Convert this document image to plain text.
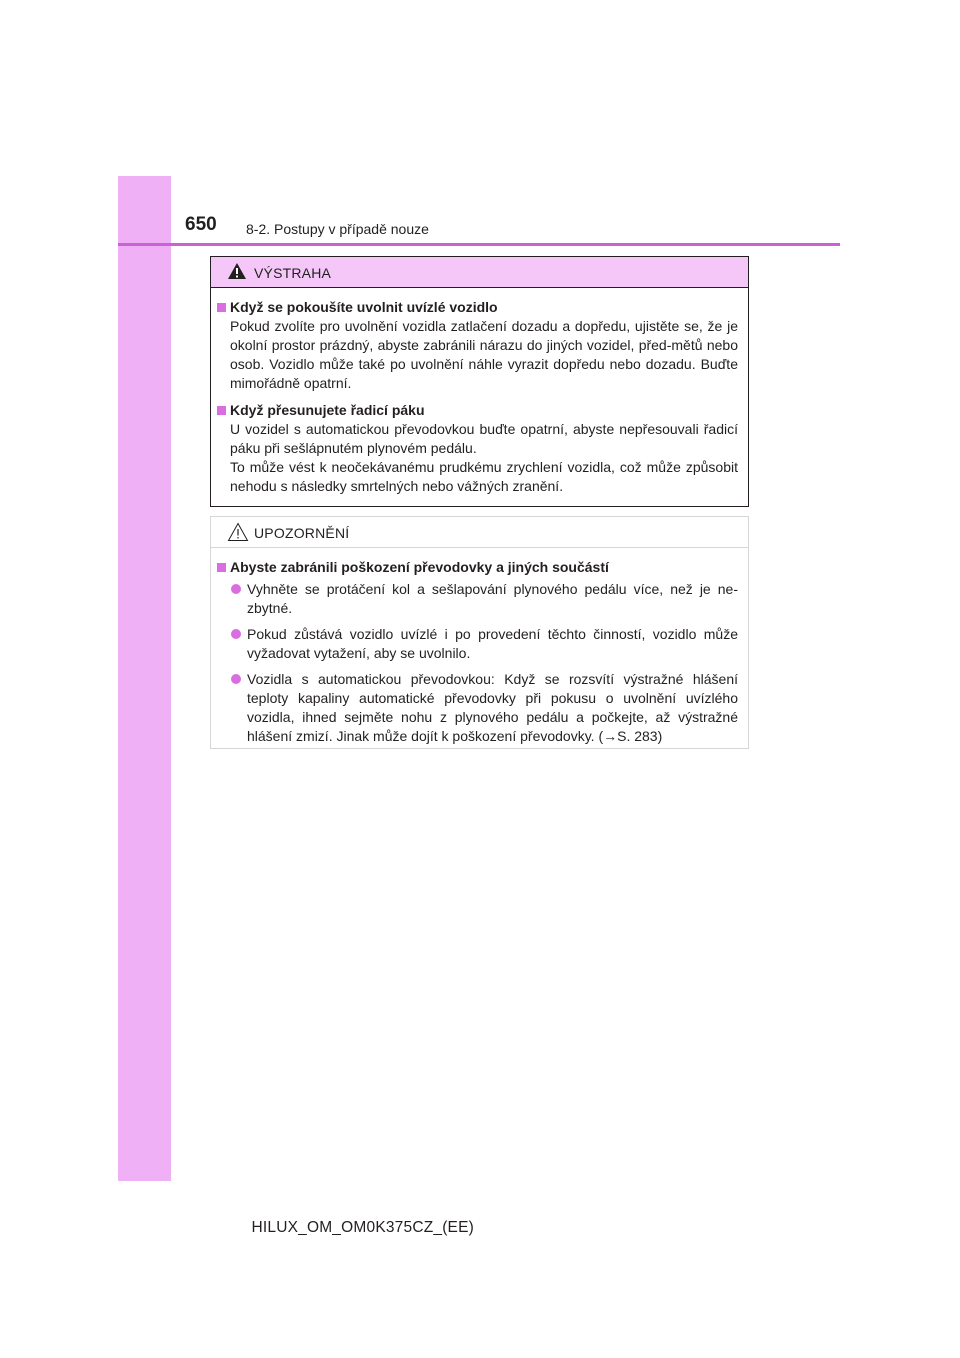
650 8-2. Postupy v případě nouze
VÝSTRAHA
Když se pokoušíte uvolnit uvízlé vozidlo
Pokud zvolíte pro uvolnění vozidla zatlačení dozadu a dopředu, ujistěte se, že je okolní prostor prázdný, abyste zabránili nárazu do jiných vozidel, před-mětů nebo osob. Vozidlo může také po uvolnění náhle vyrazit dopředu nebo dozadu. Buďte mimořádně opatrní.
Když přesunujete řadicí páku
U vozidel s automatickou převodovkou buďte opatrní, abyste nepřesouvali řadicí páku při sešlápnutém plynovém pedálu.
To může vést k neočekávanému prudkému zrychlení vozidla, což může způsobit nehodu s následky smrtelných nebo vážných zranění.
UPOZORNĚNÍ
Abyste zabránili poškození převodovky a jiných součástí
Vyhněte se protáčení kol a sešlapování plynového pedálu více, než je ne-zbytné.
Pokud zůstává vozidlo uvízlé i po provedení těchto činností, vozidlo může vyžadovat vytažení, aby se uvolnilo.
Vozidla s automatickou převodovkou: Když se rozsvítí výstražné hlášení teploty kapaliny automatické převodovky při pokusu o uvolnění uvízlého vozidla, ihned sejměte nohu z plynového pedálu a počkejte, až výstražné hlášení zmizí. Jinak může dojít k poškození převodovky. (→S. 283)
HILUX_OM_OM0K375CZ_(EE)
